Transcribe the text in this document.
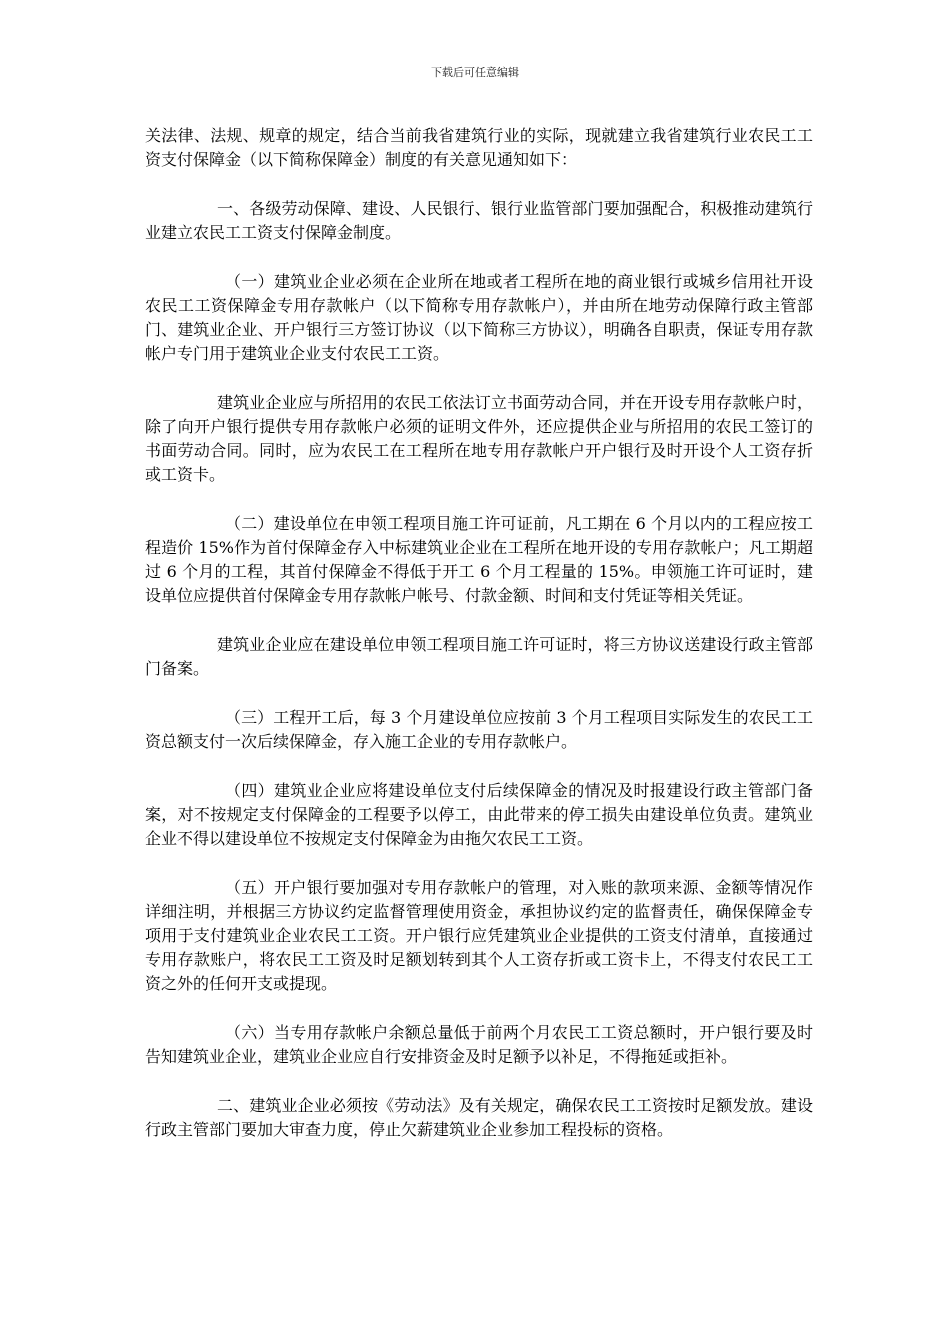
下载后可任意编辑

关法律、法规、规章的规定，结合当前我省建筑行业的实际，现就建立我省建筑行业农民工工资支付保障金（以下简称保障金）制度的有关意见通知如下：

一、各级劳动保障、建设、人民银行、银行业监管部门要加强配合，积极推动建筑行业建立农民工工资支付保障金制度。

（一）建筑业企业必须在企业所在地或者工程所在地的商业银行或城乡信用社开设农民工工资保障金专用存款帐户（以下简称专用存款帐户），并由所在地劳动保障行政主管部门、建筑业企业、开户银行三方签订协议（以下简称三方协议），明确各自职责，保证专用存款帐户专门用于建筑业企业支付农民工工资。

建筑业企业应与所招用的农民工依法订立书面劳动合同，并在开设专用存款帐户时，除了向开户银行提供专用存款帐户必须的证明文件外，还应提供企业与所招用的农民工签订的书面劳动合同。同时，应为农民工在工程所在地专用存款帐户开户银行及时开设个人工资存折或工资卡。

（二）建设单位在申领工程项目施工许可证前，凡工期在 6 个月以内的工程应按工程造价 15%作为首付保障金存入中标建筑业企业在工程所在地开设的专用存款帐户；凡工期超过 6 个月的工程，其首付保障金不得低于开工 6 个月工程量的 15%。申领施工许可证时，建设单位应提供首付保障金专用存款帐户帐号、付款金额、时间和支付凭证等相关凭证。

建筑业企业应在建设单位申领工程项目施工许可证时，将三方协议送建设行政主管部门备案。

（三）工程开工后，每 3 个月建设单位应按前 3 个月工程项目实际发生的农民工工资总额支付一次后续保障金，存入施工企业的专用存款帐户。

（四）建筑业企业应将建设单位支付后续保障金的情况及时报建设行政主管部门备案，对不按规定支付保障金的工程要予以停工，由此带来的停工损失由建设单位负责。建筑业企业不得以建设单位不按规定支付保障金为由拖欠农民工工资。

（五）开户银行要加强对专用存款帐户的管理，对入账的款项来源、金额等情况作详细注明，并根据三方协议约定监督管理使用资金，承担协议约定的监督责任，确保保障金专项用于支付建筑业企业农民工工资。开户银行应凭建筑业企业提供的工资支付清单，直接通过专用存款账户，将农民工工资及时足额划转到其个人工资存折或工资卡上，不得支付农民工工资之外的任何开支或提现。

（六）当专用存款帐户余额总量低于前两个月农民工工资总额时，开户银行要及时告知建筑业企业，建筑业企业应自行安排资金及时足额予以补足，不得拖延或拒补。

二、建筑业企业必须按《劳动法》及有关规定，确保农民工工资按时足额发放。建设行政主管部门要加大审查力度，停止欠薪建筑业企业参加工程投标的资格。
